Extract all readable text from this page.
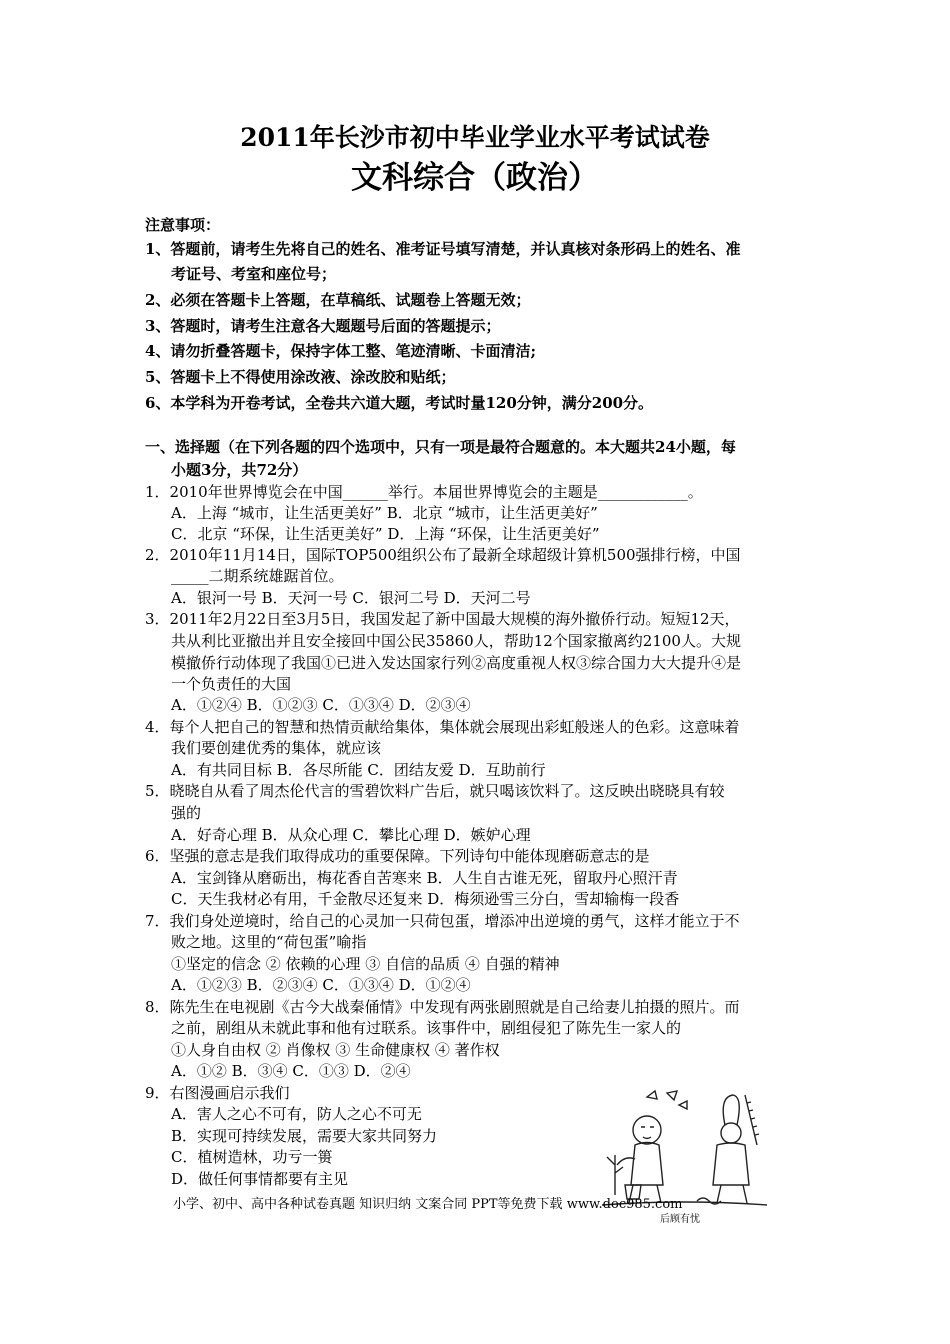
2011年长沙市初中毕业学业水平考试试卷
文科综合（政治）
注意事项：
1、答题前，请考生先将自己的姓名、准考证号填写清楚，并认真核对条形码上的姓名、准
考证号、考室和座位号；
2、必须在答题卡上答题，在草稿纸、试题卷上答题无效；
3、答题时，请考生注意各大题题号后面的答题提示；
4、请勿折叠答题卡，保持字体工整、笔迹清晰、卡面清洁;
5、答题卡上不得使用涂改液、涂改胶和贴纸；
6、本学科为开卷考试，全卷共六道大题，考试时量120分钟，满分200分。
一、选择题（在下列各题的四个选项中，只有一项是最符合题意的。本大题共24小题，每
小题3分，共72分）
1．2010年世界博览会在中国______举行。本届世界博览会的主题是____________。
A．上海 “城市，让生活更美好” B．北京 “城市，让生活更美好”
C．北京 “环保，让生活更美好” D．上海 “环保，让生活更美好”
2．2010年11月14日，国际TOP500组织公布了最新全球超级计算机500强排行榜，中国
_____二期系统雄踞首位。
A．银河一号 B．天河一号 C．银河二号 D．天河二号
3．2011年2月22日至3月5日，我国发起了新中国最大规模的海外撤侨行动。短短12天，
共从利比亚撤出并且安全接回中国公民35860人，帮助12个国家撤离约2100人。大规
模撤侨行动体现了我国①已进入发达国家行列②高度重视人权③综合国力大大提升④是
一个负责任的大国
A．①②④ B．①②③ C．①③④ D．②③④
4．每个人把自己的智慧和热情贡献给集体，集体就会展现出彩虹般迷人的色彩。这意味着
我们要创建优秀的集体，就应该
A．有共同目标 B．各尽所能 C．团结友爱 D．互助前行
5．晓晓自从看了周杰伦代言的雪碧饮料广告后，就只喝该饮料了。这反映出晓晓具有较
强的
A．好奇心理 B．从众心理 C．攀比心理 D．嫉妒心理
6．坚强的意志是我们取得成功的重要保障。下列诗句中能体现磨砺意志的是
A．宝剑锋从磨砺出，梅花香自苦寒来 B．人生自古谁无死，留取丹心照汗青
C．天生我材必有用，千金散尽还复来 D．梅须逊雪三分白，雪却输梅一段香
7．我们身处逆境时，给自己的心灵加一只荷包蛋，增添冲出逆境的勇气，这样才能立于不
败之地。这里的“荷包蛋”喻指
①坚定的信念 ② 依赖的心理 ③ 自信的品质 ④ 自强的精神
A．①②③ B．②③④ C．①③④ D．①②④
8．陈先生在电视剧《古今大战秦俑情》中发现有两张剧照就是自己给妻儿拍摄的照片。而
之前，剧组从未就此事和他有过联系。该事件中，剧组侵犯了陈先生一家人的
①人身自由权 ② 肖像权 ③ 生命健康权 ④ 著作权
A．①② B．③④ C．①③ D．②④
9．右图漫画启示我们
A．害人之心不可有，防人之心不可无
B．实现可持续发展，需要大家共同努力
C．植树造林，功亏一篑
D．做任何事情都要有主见
小学、初中、高中各种试卷真题 知识归纳 文案合同 PPT等免费下载 www.doc985.com
后顾有忧
